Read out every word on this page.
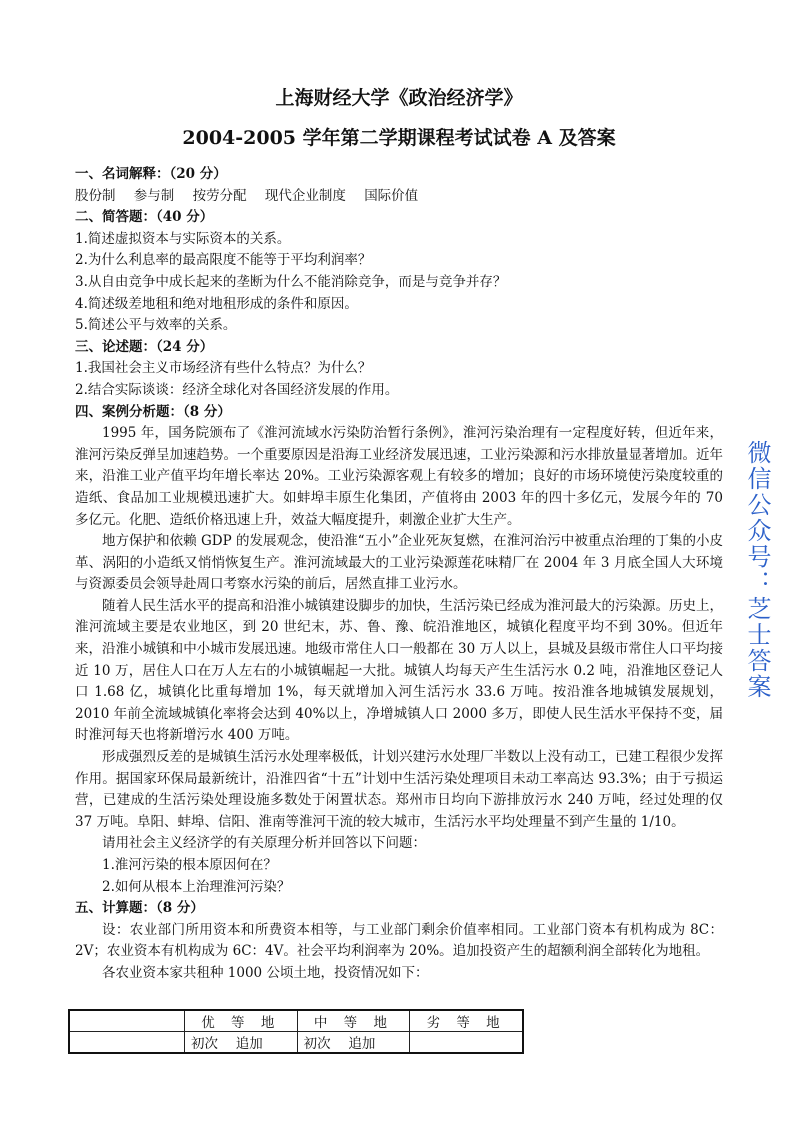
上海财经大学《政治经济学》
2004-2005 学年第二学期课程考试试卷 A 及答案

一、名词解释：（20 分）

股份制 参与制 按劳分配 现代企业制度 国际价值

二、简答题：（40 分）

1.简述虚拟资本与实际资本的关系。

2.为什么利息率的最高限度不能等于平均利润率？

3.从自由竞争中成长起来的垄断为什么不能消除竞争，而是与竞争并存？

4.简述级差地租和绝对地租形成的条件和原因。

5.简述公平与效率的关系。

三、论述题：（24 分）

1.我国社会主义市场经济有些什么特点？为什么？

2.结合实际谈谈：经济全球化对各国经济发展的作用。

四、案例分析题：（8 分）

1995 年，国务院颁布了《淮河流域水污染防治暂行条例》，淮河污染治理有一定程度好转，但近年来，淮河污染反弹呈加速趋势。一个重要原因是沿海工业经济发展迅速，工业污染源和污水排放量显著增加。近年来，沿淮工业产值平均年增长率达 20%。工业污染源客观上有较多的增加；良好的市场环境使污染度较重的造纸、食品加工业规模迅速扩大。如蚌埠丰原生化集团，产值将由 2003 年的四十多亿元，发展今年的 70 多亿元。化肥、造纸价格迅速上升，效益大幅度提升，刺激企业扩大生产。

地方保护和依赖 GDP 的发展观念，使沿淮“五小”企业死灰复燃，在淮河治污中被重点治理的丁集的小皮革、涡阳的小造纸又悄悄恢复生产。淮河流域最大的工业污染源莲花味精厂在 2004 年 3 月底全国人大环境与资源委员会领导赴周口考察水污染的前后，居然直排工业污水。

随着人民生活水平的提高和沿淮小城镇建设脚步的加快，生活污染已经成为淮河最大的污染源。历史上，淮河流域主要是农业地区，到 20 世纪末，苏、鲁、豫、皖沿淮地区，城镇化程度平均不到 30%。但近年来，沿淮小城镇和中小城市发展迅速。地级市常住人口一般都在 30 万人以上，县城及县级市常住人口平均接近 10 万，居住人口在万人左右的小城镇崛起一大批。城镇人均每天产生生活污水 0.2 吨，沿淮地区登记人口 1.68 亿，城镇化比重每增加 1%，每天就增加入河生活污水 33.6 万吨。按沿淮各地城镇发展规划，2010 年前全流域城镇化率将会达到 40%以上，净增城镇人口 2000 多万，即使人民生活水平保持不变，届时淮河每天也将新增污水 400 万吨。

形成强烈反差的是城镇生活污水处理率极低，计划兴建污水处理厂半数以上没有动工，已建工程很少发挥作用。据国家环保局最新统计，沿淮四省“十五”计划中生活污染处理项目未动工率高达 93.3%；由于亏损运营，已建成的生活污染处理设施多数处于闲置状态。郑州市日均向下游排放污水 240 万吨，经过处理的仅 37 万吨。阜阳、蚌埠、信阳、淮南等淮河干流的较大城市，生活污水平均处理量不到产生量的 1/10。

请用社会主义经济学的有关原理分析并回答以下问题：

1.淮河污染的根本原因何在？

2.如何从根本上治理淮河污染？

五、计算题：（8 分）

设：农业部门所用资本和所费资本相等，与工业部门剩余价值率相同。工业部门资本有机构成为 8C：2V；农业资本有机构成为 6C：4V。社会平均利润率为 20%。追加投资产生的超额利润全部转化为地租。

各农业资本家共租种 1000 公顷土地，投资情况如下：

	优 等 地	中 等 地	劣 等 地
	初次　 追加	初次　 追加	
微信公众号：芝士答案
